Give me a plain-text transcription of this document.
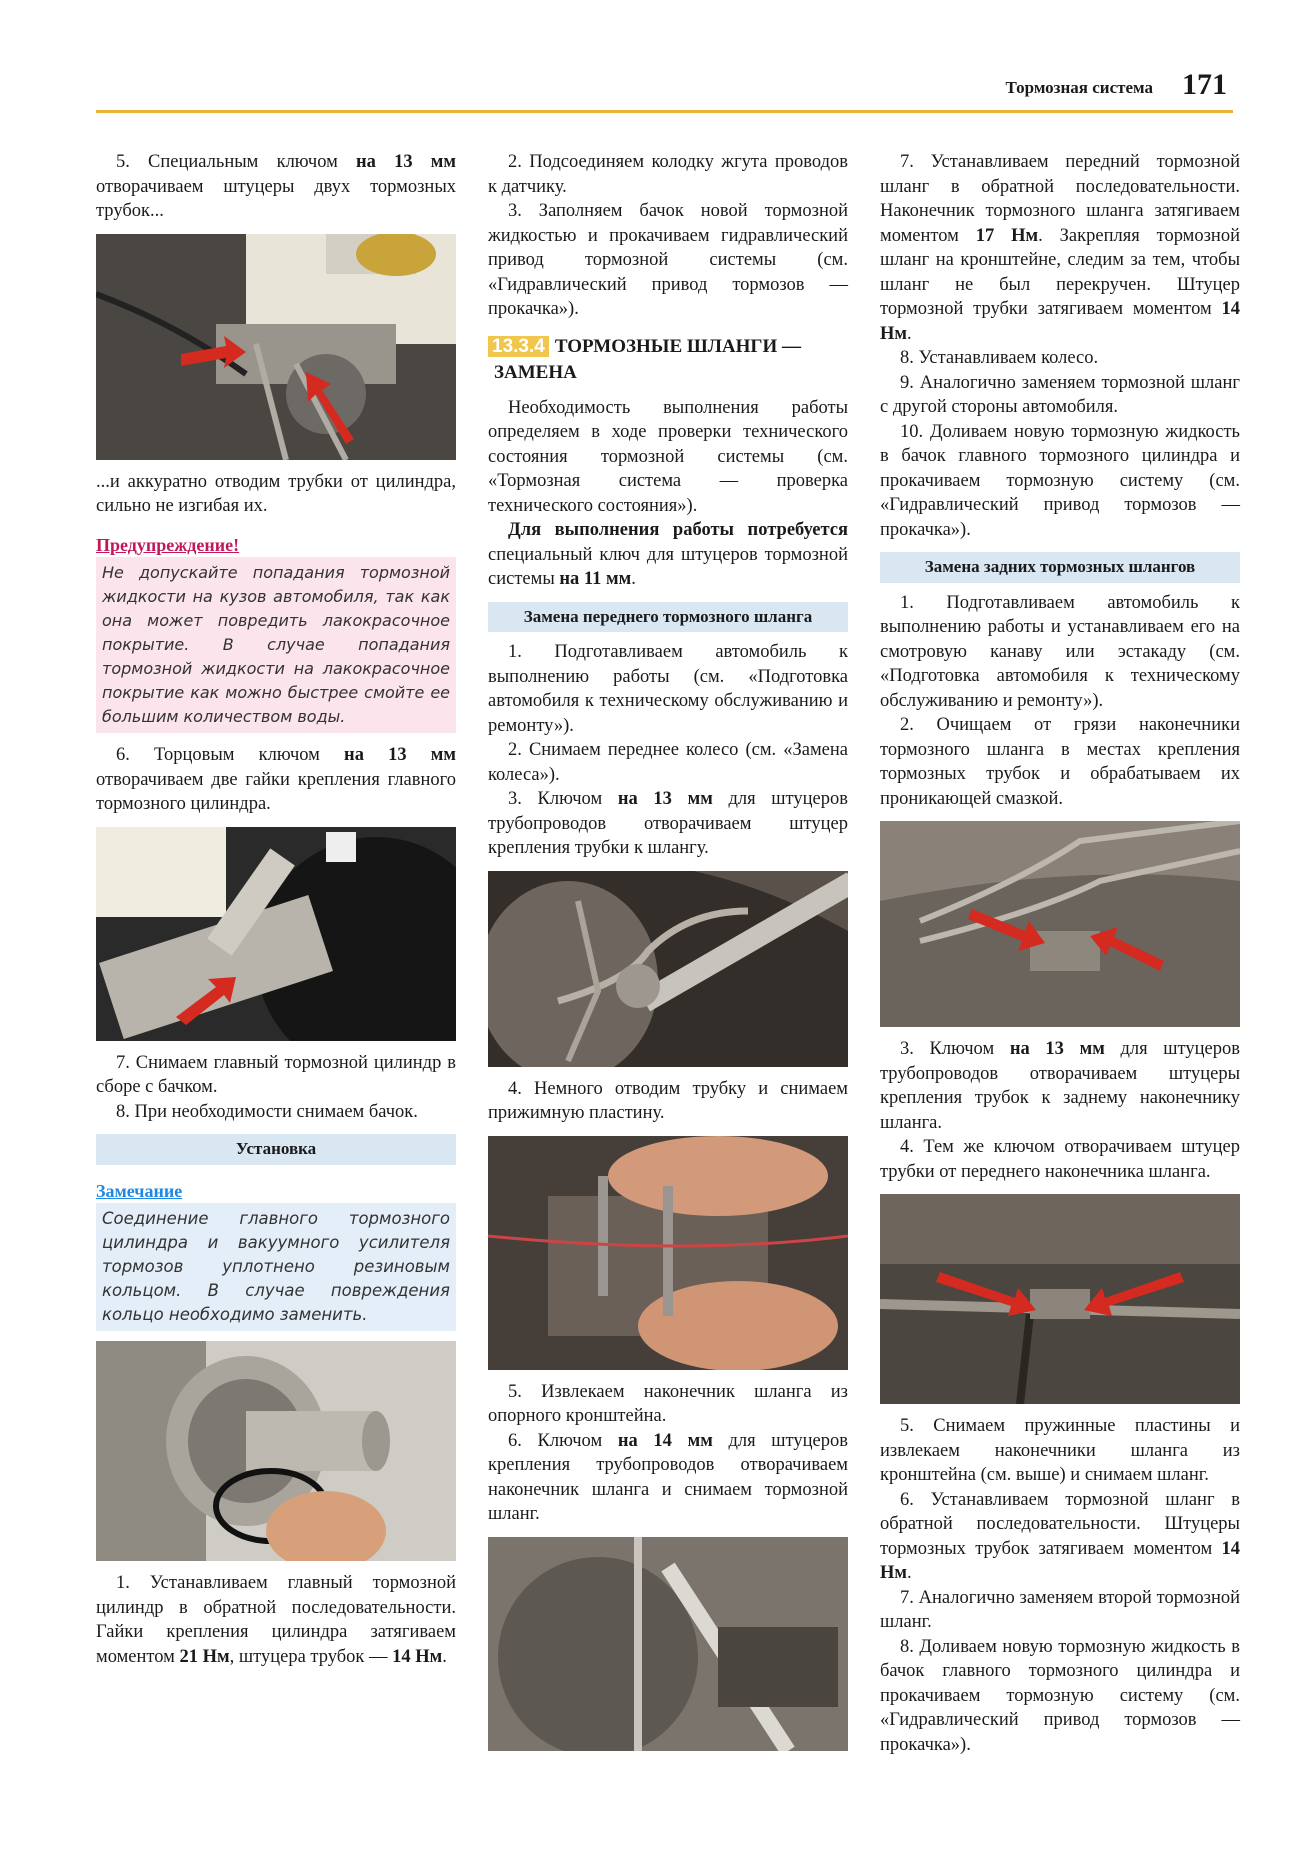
Тормозная система 171

5. Специальным ключом на 13 мм отворачиваем штуцеры двух тормозных трубок...

...и аккуратно отводим трубки от цилиндра, сильно не изгибая их.

Предупреждение!
Не допускайте попадания тормозной жидкости на кузов автомобиля, так как она может повредить лакокрасочное покрытие. В случае попадания тормозной жидкости на лакокрасочное покрытие как можно быстрее смойте ее большим количеством воды.

6. Торцовым ключом на 13 мм отворачиваем две гайки крепления главного тормозного цилиндра.

7. Снимаем главный тормозной цилиндр в сборе с бачком.

8. При необходимости снимаем бачок.

Установка
Замечание
Соединение главного тормозного цилиндра и вакуумного усилителя тормозов уплотнено резиновым кольцом. В случае повреждения кольцо необходимо заменить.

1. Устанавливаем главный тормозной цилиндр в обратной последовательности. Гайки крепления цилиндра затягиваем моментом 21 Нм, штуцера трубок — 14 Нм.

2. Подсоединяем колодку жгута проводов к датчику.

3. Заполняем бачок новой тормозной жидкостью и прокачиваем гидравлический привод тормозной системы (см. «Гидравлический привод тормозов — прокачка»).

13.3.4 ТОРМОЗНЫЕ ШЛАНГИ —
ЗАМЕНА

Необходимость выполнения работы определяем в ходе проверки технического состояния тормозной системы (см. «Тормозная система — проверка технического состояния»).

Для выполнения работы потребуется специальный ключ для штуцеров тормозной системы на 11 мм.

Замена переднего тормозного шланга

1. Подготавливаем автомобиль к выполнению работы (см. «Подготовка автомобиля к техническому обслуживанию и ремонту»).

2. Снимаем переднее колесо (см. «Замена колеса»).

3. Ключом на 13 мм для штуцеров трубопроводов отворачиваем штуцер крепления трубки к шлангу.

4. Немного отводим трубку и снимаем прижимную пластину.

5. Извлекаем наконечник шланга из опорного кронштейна.

6. Ключом на 14 мм для штуцеров крепления трубопроводов отворачиваем наконечник шланга и снимаем тормозной шланг.

7. Устанавливаем передний тормозной шланг в обратной последовательности. Наконечник тормозного шланга затягиваем моментом 17 Нм. Закрепляя тормозной шланг на кронштейне, следим за тем, чтобы шланг не был перекручен. Штуцер тормозной трубки затягиваем моментом 14 Нм.

8. Устанавливаем колесо.

9. Аналогично заменяем тормозной шланг с другой стороны автомобиля.

10. Доливаем новую тормозную жидкость в бачок главного тормозного цилиндра и прокачиваем тормозную систему (см. «Гидравлический привод тормозов — прокачка»).

Замена задних тормозных шлангов

1. Подготавливаем автомобиль к выполнению работы и устанавливаем его на смотровую канаву или эстакаду (см. «Подготовка автомобиля к техническому обслуживанию и ремонту»).

2. Очищаем от грязи наконечники тормозного шланга в местах крепления тормозных трубок и обрабатываем их проникающей смазкой.

3. Ключом на 13 мм для штуцеров трубопроводов отворачиваем штуцеры крепления трубок к заднему наконечнику шланга.

4. Тем же ключом отворачиваем штуцер трубки от переднего наконечника шланга.

5. Снимаем пружинные пластины и извлекаем наконечники шланга из кронштейна (см. выше) и снимаем шланг.

6. Устанавливаем тормозной шланг в обратной последовательности. Штуцеры тормозных трубок затягиваем моментом 14 Нм.

7. Аналогично заменяем второй тормозной шланг.

8. Доливаем новую тормозную жидкость в бачок главного тормозного цилиндра и прокачиваем тормозную систему (см. «Гидравлический привод тормозов — прокачка»).
